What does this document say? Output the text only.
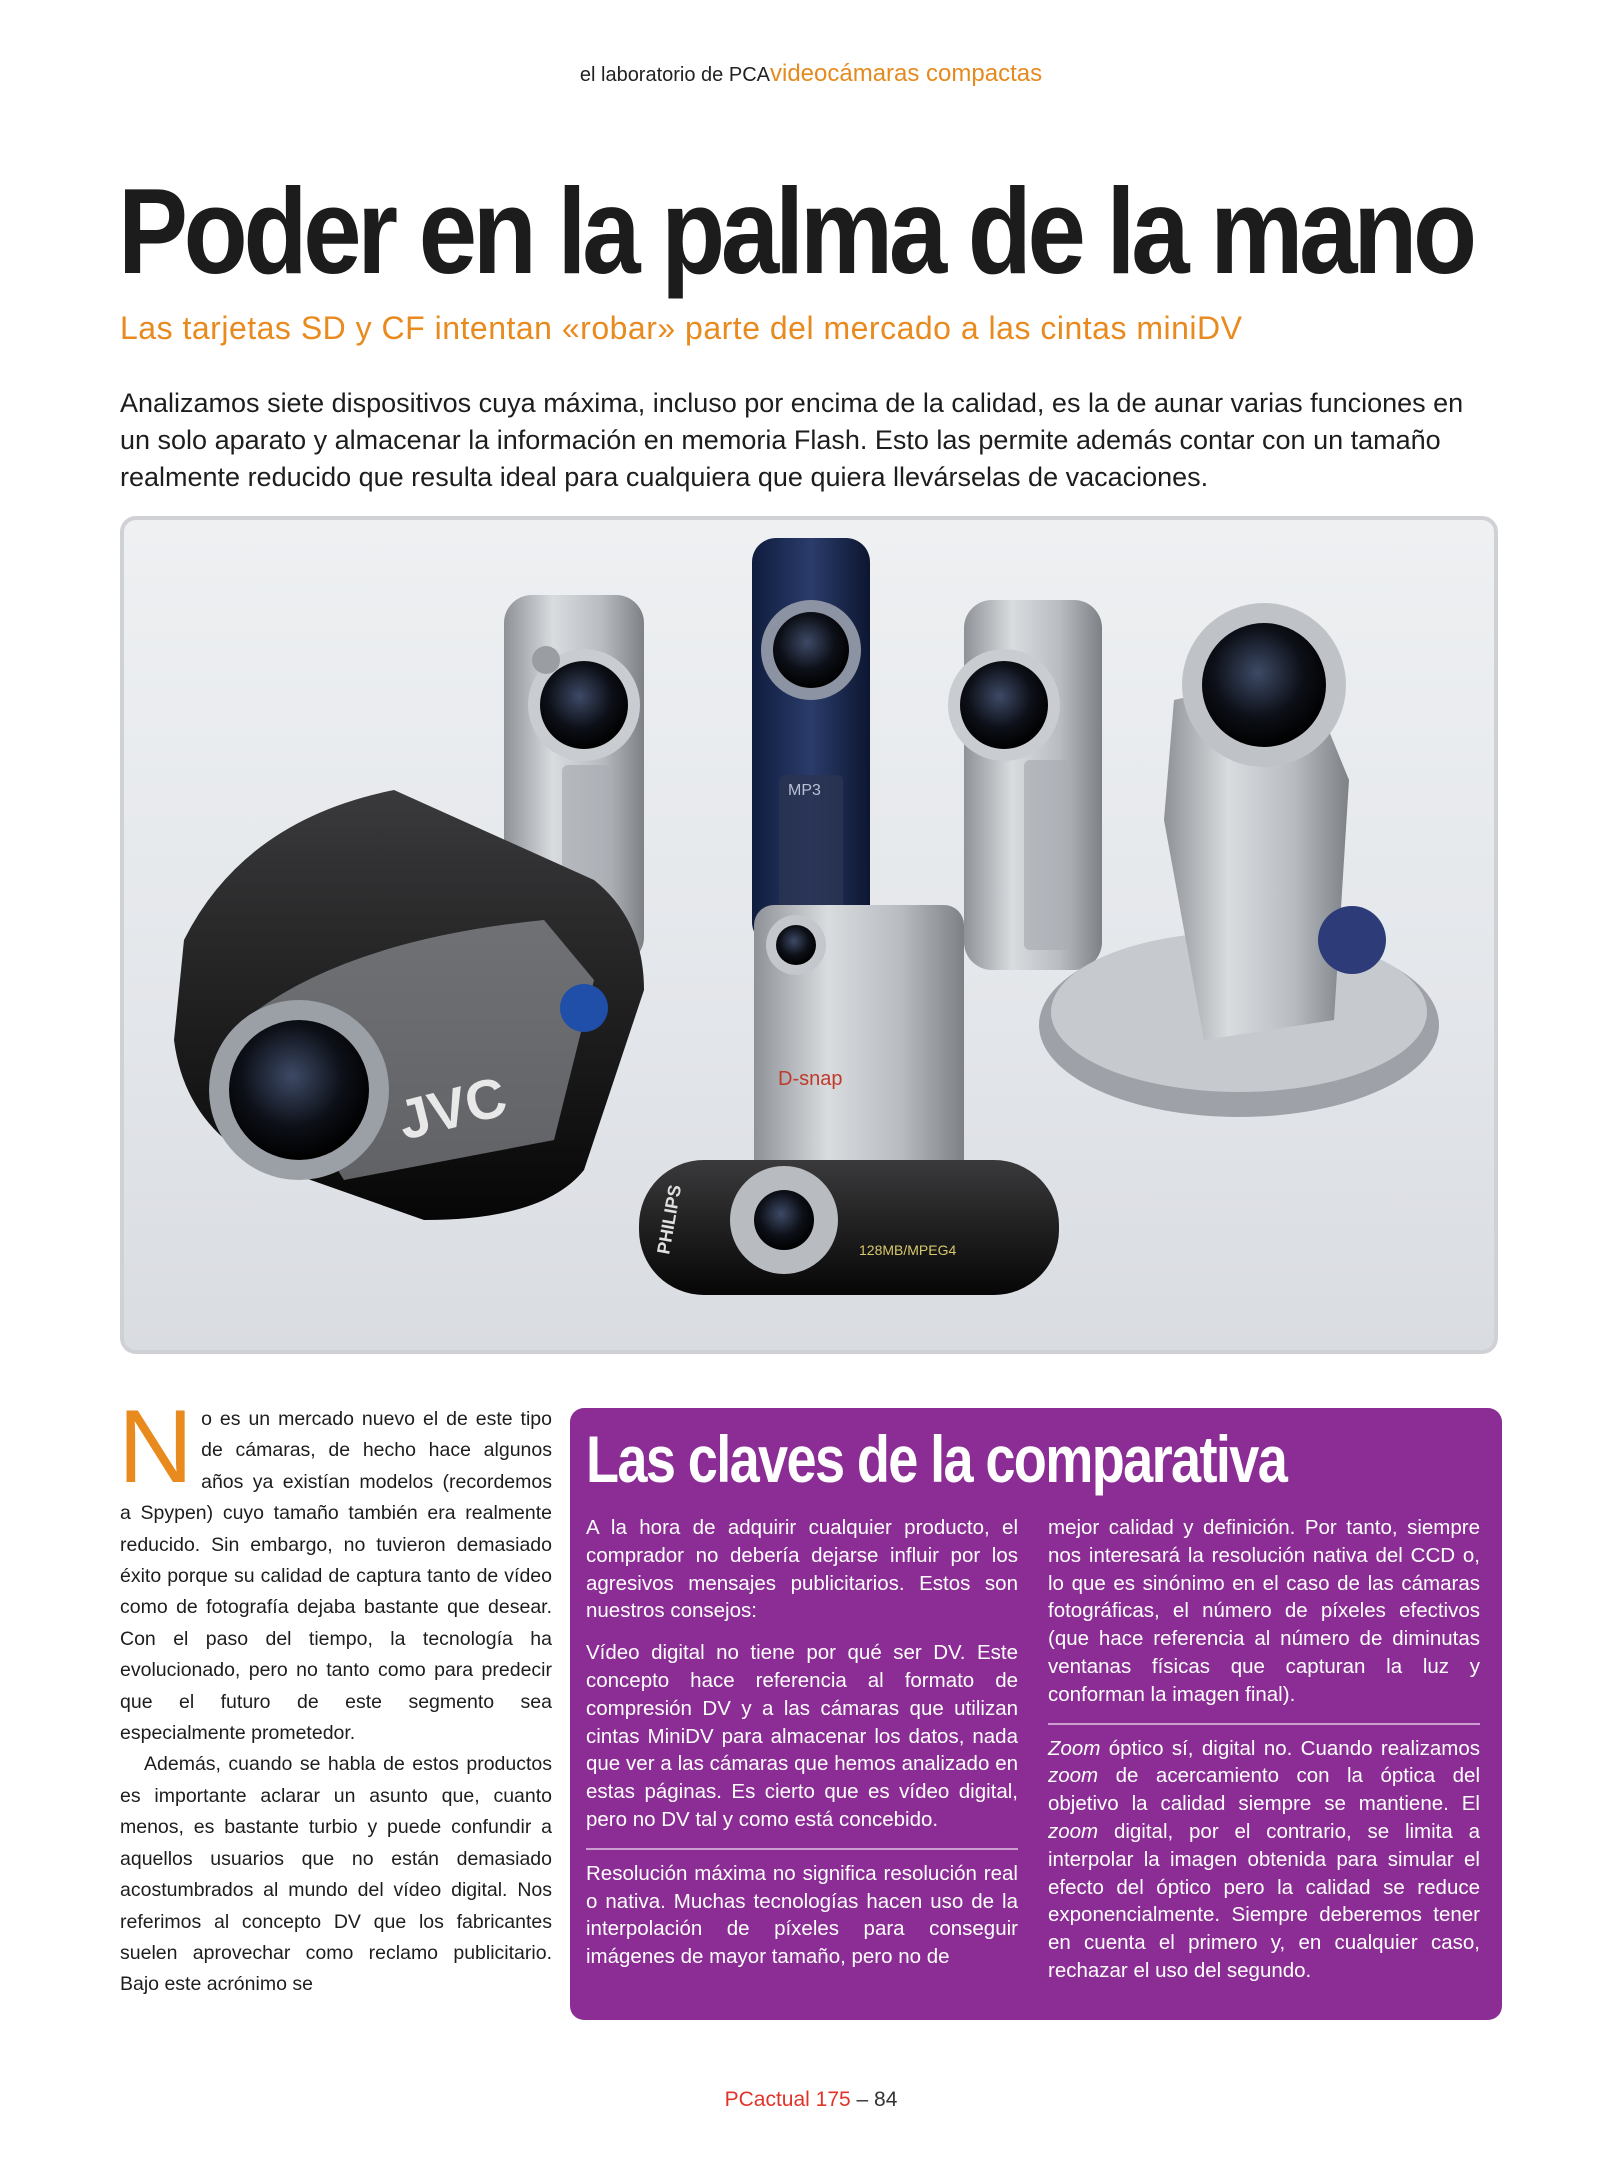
el laboratorio de PCAvideocámaras compactas
Poder en la palma de la mano
Las tarjetas SD y CF intentan «robar» parte del mercado a las cintas miniDV

Analizamos siete dispositivos cuya máxima, incluso por encima de la calidad, es la de aunar varias funciones en un solo aparato y almacenar la información en memoria Flash. Esto las permite además contar con un tamaño realmente reducido que resulta ideal para cualquiera que quiera llevárselas de vacaciones.

MP3
D-snap
JVC
PHILIPS	128MB/MPEG4
N o es un mercado nuevo el de este tipo de cámaras, de hecho hace algunos años ya existían modelos (recordemos a Spypen) cuyo tamaño también era realmente reducido. Sin embargo, no tuvieron demasiado éxito porque su calidad de captura tanto de vídeo como de fotografía dejaba bastante que desear. Con el paso del tiempo, la tecnología ha evolucionado, pero no tanto como para predecir que el futuro de este segmento sea especialmente prometedor.

Además, cuando se habla de estos productos es importante aclarar un asunto que, cuanto menos, es bastante turbio y puede confundir a aquellos usuarios que no están demasiado acostumbrados al mundo del vídeo digital. Nos referimos al concepto DV que los fabricantes suelen aprovechar como reclamo publicitario. Bajo este acrónimo se

Las claves de la comparativa

A la hora de adquirir cualquier producto, el comprador no debería dejarse influir por los agresivos mensajes publicitarios. Estos son nuestros consejos:

Vídeo digital no tiene por qué ser DV. Este concepto hace referencia al formato de compresión DV y a las cámaras que utilizan cintas MiniDV para almacenar los datos, nada que ver a las cámaras que hemos analizado en estas páginas. Es cierto que es vídeo digital, pero no DV tal y como está concebido.

Resolución máxima no significa resolución real o nativa. Muchas tecnologías hacen uso de la interpolación de píxeles para conseguir imágenes de mayor tamaño, pero no de

mejor calidad y definición. Por tanto, siempre nos interesará la resolución nativa del CCD o, lo que es sinónimo en el caso de las cámaras fotográficas, el número de píxeles efectivos (que hace referencia al número de diminutas ventanas físicas que capturan la luz y conforman la imagen final).

Zoom óptico sí, digital no. Cuando realizamos zoom de acercamiento con la óptica del objetivo la calidad siempre se mantiene. El zoom digital, por el contrario, se limita a interpolar la imagen obtenida para simular el efecto del óptico pero la calidad se reduce exponencialmente. Siempre deberemos tener en cuenta el primero y, en cualquier caso, rechazar el uso del segundo.

PCactual 175 – 84
